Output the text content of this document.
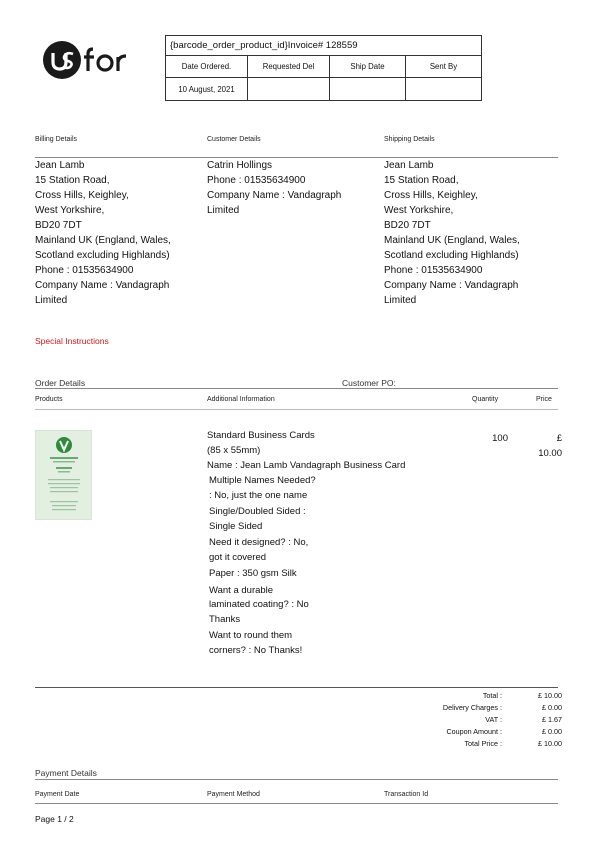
{barcode_order_product_id}Invoice# 128559
Date Ordered.	Requested Del	Ship Date	Sent By
10 August, 2021
Billing Details	Customer Details	Shipping Details
Jean Lamb
15 Station Road,
Cross Hills, Keighley,
West Yorkshire,
BD20 7DT
Mainland UK (England, Wales,
Scotland excluding Highlands)
Phone : 01535634900
Company Name : Vandagraph
Limited
Catrin Hollings
Phone : 01535634900
Company Name : Vandagraph
Limited
Jean Lamb
15 Station Road,
Cross Hills, Keighley,
West Yorkshire,
BD20 7DT
Mainland UK (England, Wales,
Scotland excluding Highlands)
Phone : 01535634900
Company Name : Vandagraph
Limited
Special Instructions
Order Details	Customer PO:
Products	Additional Information	Quantity	Price
Standard Business Cards
(85 x 55mm)
Name : Jean Lamb Vandagraph Business Card
Multiple Names Needed?
: No, just the one name
Single/Doubled Sided :
Single Sided
Need it designed? : No,
got it covered
Paper : 350 gsm Silk
Want a durable
laminated coating? : No
Thanks
Want to round them
corners? : No Thanks!
100	£
10.00
Total :	£ 10.00
Delivery Charges :	£ 0.00
VAT :	£ 1.67
Coupon Amount :	£ 0.00
Total Price :	£ 10.00
Payment Details
Payment Date	Payment Method	Transaction Id
Page 1 / 2
